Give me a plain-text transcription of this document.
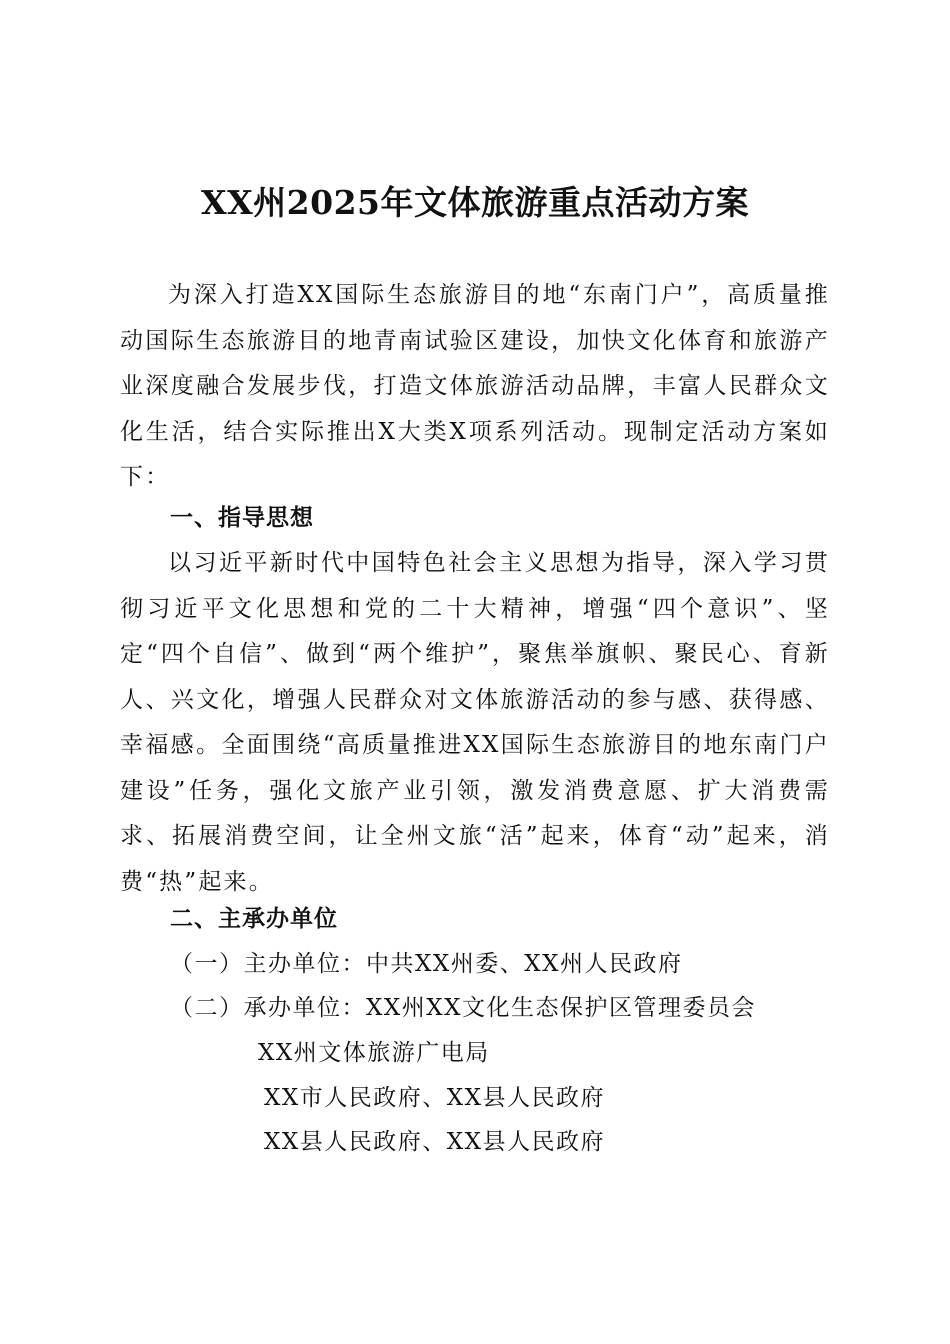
XX州2025年文体旅游重点活动方案
为深入打造XX国际生态旅游目的地“东南门户”，高质量推动国际生态旅游目的地青南试验区建设，加快文化体育和旅游产业深度融合发展步伐，打造文体旅游活动品牌，丰富人民群众文化生活，结合实际推出X大类X项系列活动。现制定活动方案如下：
一、指导思想
以习近平新时代中国特色社会主义思想为指导，深入学习贯彻习近平文化思想和党的二十大精神，增强“四个意识”、坚定“四个自信”、做到“两个维护”，聚焦举旗帜、聚民心、育新人、兴文化，增强人民群众对文体旅游活动的参与感、获得感、幸福感。全面围绕“高质量推进XX国际生态旅游目的地东南门户建设”任务，强化文旅产业引领，激发消费意愿、扩大消费需求、拓展消费空间，让全州文旅“活”起来，体育“动”起来，消费“热”起来。
二、主承办单位
（一）主办单位：中共XX州委、XX州人民政府
（二）承办单位：XX州XX文化生态保护区管理委员会
XX州文体旅游广电局
XX市人民政府、XX县人民政府
XX县人民政府、XX县人民政府
